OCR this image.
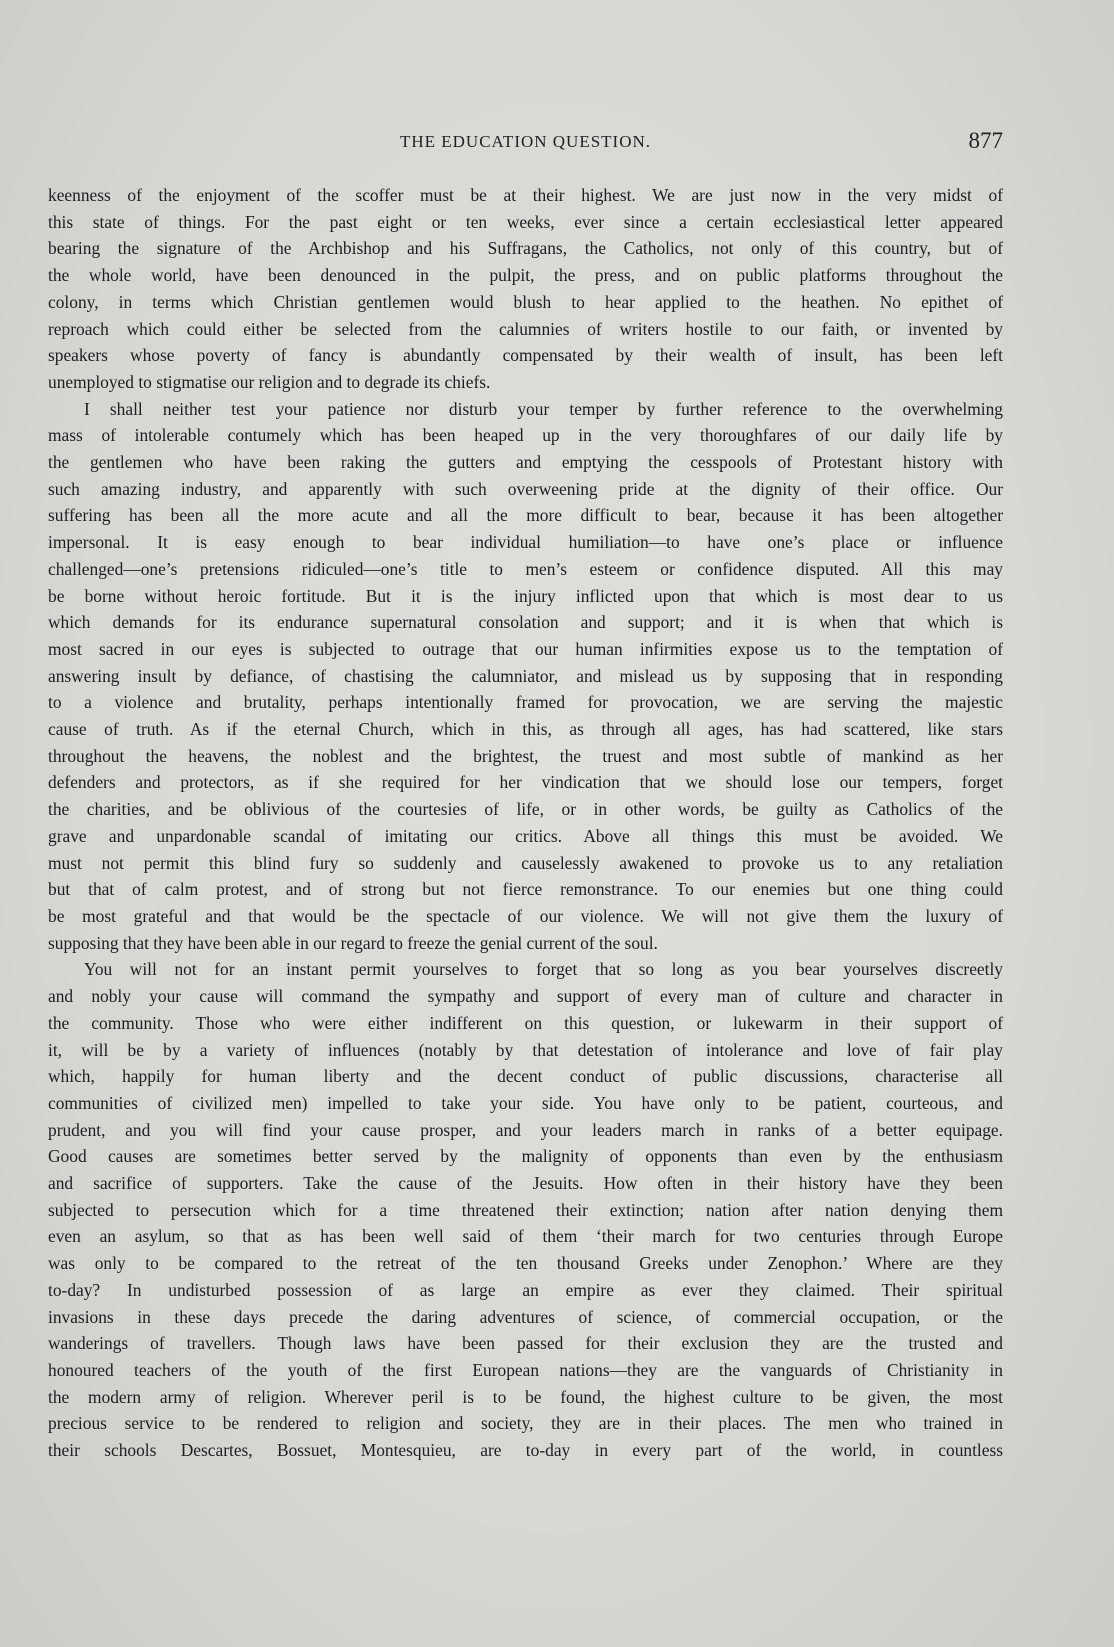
THE EDUCATION QUESTION.	877
keenness of the enjoyment of the scoffer must be at their highest. We are just now in the very midst of
this state of things. For the past eight or ten weeks, ever since a certain ecclesiastical letter appeared
bearing the signature of the Archbishop and his Suffragans, the Catholics, not only of this country, but of
the whole world, have been denounced in the pulpit, the press, and on public platforms throughout the
colony, in terms which Christian gentlemen would blush to hear applied to the heathen. No epithet of
reproach which could either be selected from the calumnies of writers hostile to our faith, or invented by
speakers whose poverty of fancy is abundantly compensated by their wealth of insult, has been left
unemployed to stigmatise our religion and to degrade its chiefs.
I shall neither test your patience nor disturb your temper by further reference to the overwhelming
mass of intolerable contumely which has been heaped up in the very thoroughfares of our daily life by
the gentlemen who have been raking the gutters and emptying the cesspools of Protestant history with
such amazing industry, and apparently with such overweening pride at the dignity of their office. Our
suffering has been all the more acute and all the more difficult to bear, because it has been altogether
impersonal. It is easy enough to bear individual humiliation—to have one’s place or influence
challenged—one’s pretensions ridiculed—one’s title to men’s esteem or confidence disputed. All this may
be borne without heroic fortitude. But it is the injury inflicted upon that which is most dear to us
which demands for its endurance supernatural consolation and support; and it is when that which is
most sacred in our eyes is subjected to outrage that our human infirmities expose us to the temptation of
answering insult by defiance, of chastising the calumniator, and mislead us by supposing that in responding
to a violence and brutality, perhaps intentionally framed for provocation, we are serving the majestic
cause of truth. As if the eternal Church, which in this, as through all ages, has had scattered, like stars
throughout the heavens, the noblest and the brightest, the truest and most subtle of mankind as her
defenders and protectors, as if she required for her vindication that we should lose our tempers, forget
the charities, and be oblivious of the courtesies of life, or in other words, be guilty as Catholics of the
grave and unpardonable scandal of imitating our critics. Above all things this must be avoided. We
must not permit this blind fury so suddenly and causelessly awakened to provoke us to any retaliation
but that of calm protest, and of strong but not fierce remonstrance. To our enemies but one thing could
be most grateful and that would be the spectacle of our violence. We will not give them the luxury of
supposing that they have been able in our regard to freeze the genial current of the soul.
You will not for an instant permit yourselves to forget that so long as you bear yourselves discreetly
and nobly your cause will command the sympathy and support of every man of culture and character in
the community. Those who were either indifferent on this question, or lukewarm in their support of
it, will be by a variety of influences (notably by that detestation of intolerance and love of fair play
which, happily for human liberty and the decent conduct of public discussions, characterise all
communities of civilized men) impelled to take your side. You have only to be patient, courteous, and
prudent, and you will find your cause prosper, and your leaders march in ranks of a better equipage.
Good causes are sometimes better served by the malignity of opponents than even by the enthusiasm
and sacrifice of supporters. Take the cause of the Jesuits. How often in their history have they been
subjected to persecution which for a time threatened their extinction; nation after nation denying them
even an asylum, so that as has been well said of them ‘their march for two centuries through Europe
was only to be compared to the retreat of the ten thousand Greeks under Zenophon.’ Where are they
to-day? In undisturbed possession of as large an empire as ever they claimed. Their spiritual
invasions in these days precede the daring adventures of science, of commercial occupation, or the
wanderings of travellers. Though laws have been passed for their exclusion they are the trusted and
honoured teachers of the youth of the first European nations—they are the vanguards of Christianity in
the modern army of religion. Wherever peril is to be found, the highest culture to be given, the most
precious service to be rendered to religion and society, they are in their places. The men who trained in
their schools Descartes, Bossuet, Montesquieu, are to-day in every part of the world, in countless
